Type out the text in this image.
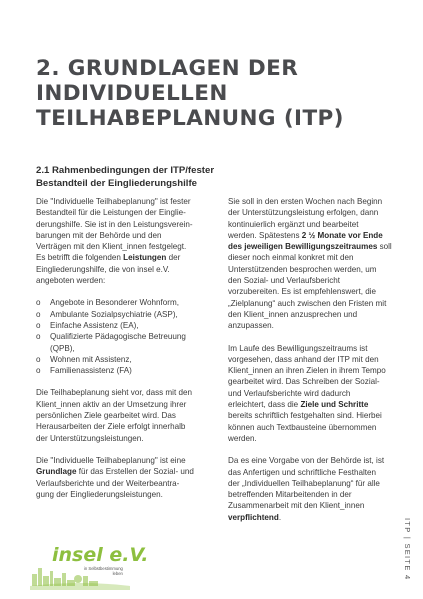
2. GRUNDLAGEN DER
INDIVIDUELLEN
TEILHABEPLANUNG (ITP)
2.1 Rahmenbedingungen der ITP/fester
Bestandteil der Eingliederungshilfe
Die "Individuelle Teilhabeplanung" ist fester
Bestandteil für die Leistungen der Einglie-
derungshilfe. Sie ist in den Leistungsverein-
barungen mit der Behörde und den
Verträgen mit den Klient_innen festgelegt.
Es betrifft die folgenden Leistungen der
Eingliederungshilfe, die von insel e.V.
angeboten werden:
o	Angebote in Besonderer Wohnform,
o	Ambulante Sozialpsychiatrie (ASP),
o	Einfache Assistenz (EA),
o	Qualifizierte Pädagogische Betreuung
(QPB),
o	Wohnen mit Assistenz,
o	Familienassistenz (FA)
Die Teilhabeplanung sieht vor, dass mit den
Klient_innen aktiv an der Umsetzung ihrer
persönlichen Ziele gearbeitet wird. Das
Herausarbeiten der Ziele erfolgt innerhalb
der Unterstützungsleistungen.
Die "Individuelle Teilhabeplanung" ist eine
Grundlage für das Erstellen der Sozial- und
Verlaufsberichte und der Weiterbeantra-
gung der Eingliederungsleistungen.
Sie soll in den ersten Wochen nach Beginn
der Unterstützungsleistung erfolgen, dann
kontinuierlich ergänzt und bearbeitet
werden. Spätestens 2 ½ Monate vor Ende
des jeweiligen Bewilligungszeitraumes soll
dieser noch einmal konkret mit den
Unterstützenden besprochen werden, um
den Sozial- und Verlaufsbericht
vorzubereiten. Es ist empfehlenswert, die
„Zielplanung“ auch zwischen den Fristen mit
den Klient_innen anzusprechen und
anzupassen.
Im Laufe des Bewilligungszeitraums ist
vorgesehen, dass anhand der ITP mit den
Klient_innen an ihren Zielen in ihrem Tempo
gearbeitet wird. Das Schreiben der Sozial-
und Verlaufsberichte wird dadurch
erleichtert, dass die Ziele und Schritte
bereits schriftlich festgehalten sind. Hierbei
können auch Textbausteine übernommen
werden.
Da es eine Vorgabe von der Behörde ist, ist
das Anfertigen und schriftliche Festhalten
der „Individuellen Teilhabeplanung“ für alle
betreffenden Mitarbeitenden in der
Zusammenarbeit mit den Klient_innen
verpflichtend.
ITP | SEITE 4
insel e.V.
in Selbstbestimmung
leben
